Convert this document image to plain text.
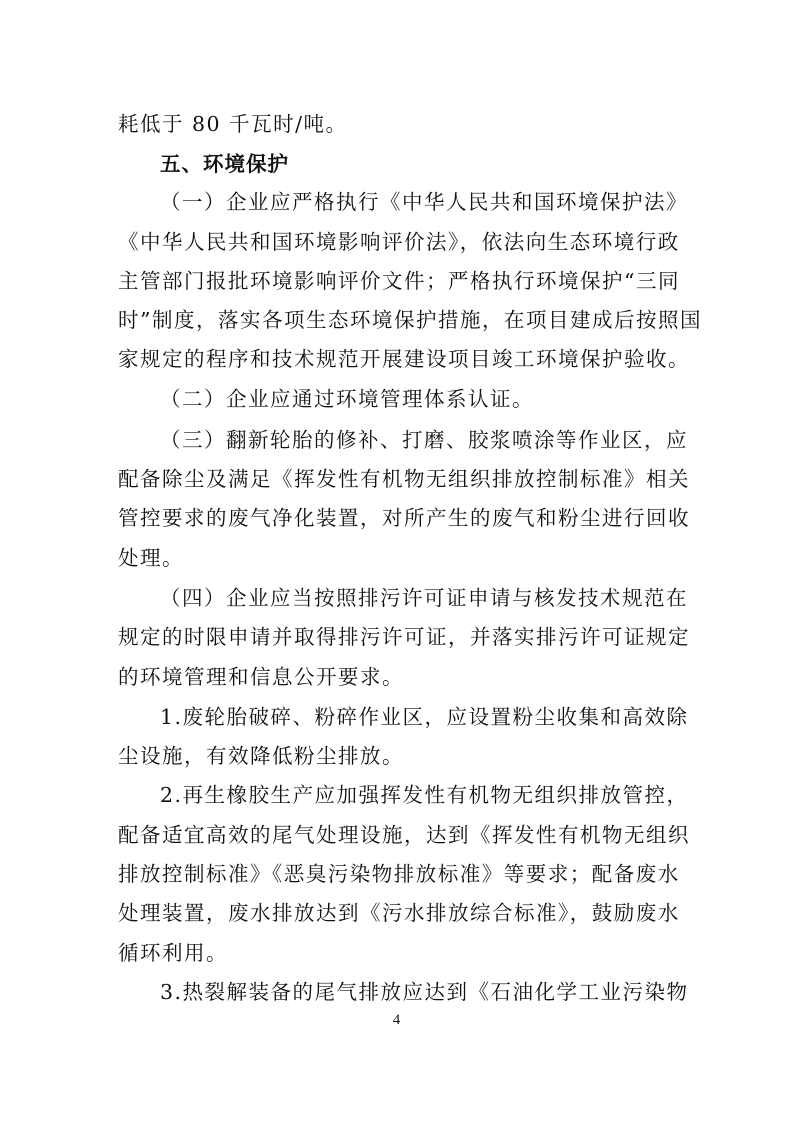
耗低于 80 千瓦时/吨。
五、环境保护
（一）企业应严格执行《中华人民共和国环境保护法》
《中华人民共和国环境影响评价法》，依法向生态环境行政
主管部门报批环境影响评价文件；严格执行环境保护“三同
时”制度，落实各项生态环境保护措施，在项目建成后按照国
家规定的程序和技术规范开展建设项目竣工环境保护验收。
（二）企业应通过环境管理体系认证。
（三）翻新轮胎的修补、打磨、胶浆喷涂等作业区，应
配备除尘及满足《挥发性有机物无组织排放控制标准》相关
管控要求的废气净化装置，对所产生的废气和粉尘进行回收
处理。
（四）企业应当按照排污许可证申请与核发技术规范在
规定的时限申请并取得排污许可证，并落实排污许可证规定
的环境管理和信息公开要求。
1.废轮胎破碎、粉碎作业区，应设置粉尘收集和高效除
尘设施，有效降低粉尘排放。
2.再生橡胶生产应加强挥发性有机物无组织排放管控，
配备适宜高效的尾气处理设施，达到《挥发性有机物无组织
排放控制标准》《恶臭污染物排放标准》等要求；配备废水
处理装置，废水排放达到《污水排放综合标准》，鼓励废水
循环利用。
3.热裂解装备的尾气排放应达到《石油化学工业污染物
4
